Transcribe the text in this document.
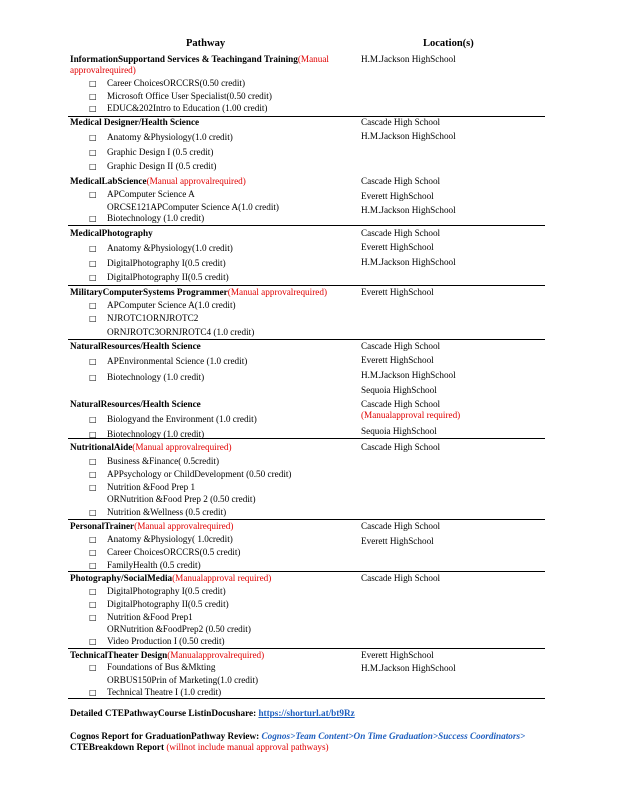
Pathway	Location(s)
InformationSupportand Services & Teachingand Training(Manual approvalrequired)
□ Career ChoicesORCCRS(0.50 credit)
□ Microsoft Office User Specialist(0.50 credit)
□ EDUC&202Intro to Education (1.00 credit)
H.M.Jackson HighSchool
Medical Designer/Health Science
□ Anatomy &Physiology(1.0 credit)
□ Graphic Design I (0.5 credit)
□ Graphic Design II (0.5 credit)
Cascade High School
H.M.Jackson HighSchool
MedicalLabScience(Manual approvalrequired)
□ APComputer Science A
ORCSE121APComputer Science A(1.0 credit)
□ Biotechnology (1.0 credit)
Cascade High School
Everett HighSchool
H.M.Jackson HighSchool
MedicalPhotography
□ Anatomy &Physiology(1.0 credit)
□ DigitalPhotography I(0.5 credit)
□ DigitalPhotography II(0.5 credit)
Cascade High School
Everett HighSchool
H.M.Jackson HighSchool
MilitaryComputerSystems Programmer(Manual approvalrequired)
□ APComputer Science A(1.0 credit)
□ NJROTC1ORNJROTC2
ORNJROTC3ORNJROTC4 (1.0 credit)
Everett HighSchool
NaturalResources/Health Science
□ APEnvironmental Science (1.0 credit)
□ Biotechnology (1.0 credit)
Cascade High School
Everett HighSchool
H.M.Jackson HighSchool
Sequoia HighSchool
NaturalResources/Health Science
□ Biologyand the Environment (1.0 credit)
□ Biotechnology (1.0 credit)
Cascade High School
Sequoia HighSchool
(Manualapproval required)
NutritionalAide(Manual approvalrequired)
□ Business &Finance( 0.5credit)
□ APPsychology or ChildDevelopment (0.50 credit)
□ Nutrition &Food Prep 1
ORNutrition &Food Prep 2 (0.50 credit)
□ Nutrition &Wellness (0.5 credit)
Cascade High School
PersonalTrainer(Manual approvalrequired)
□ Anatomy &Physiology( 1.0credit)
□ Career ChoicesORCCRS(0.5 credit)
□ FamilyHealth (0.5 credit)
Cascade High School
Everett HighSchool
Photography/SocialMedia(Manualapproval required)
□ DigitalPhotography I(0.5 credit)
□ DigitalPhotography II(0.5 credit)
□ Nutrition &Food Prep1
ORNutrition &FoodPrep2 (0.50 credit)
□ Video Production I (0.50 credit)
Cascade High School
TechnicalTheater Design(Manualapprovalrequired)
□ Foundations of Bus &Mkting
ORBUS150Prin of Marketing(1.0 credit)
□ Technical Theatre I (1.0 credit)
Everett HighSchool
H.M.Jackson HighSchool
Detailed CTEPathwayCourse ListinDocushare: https://shorturl.at/bt9Rz
Cognos Report for GraduationPathway Review: Cognos>Team Content>On Time Graduation>Success Coordinators>
CTEBreakdown Report (willnot include manual approval pathways)
